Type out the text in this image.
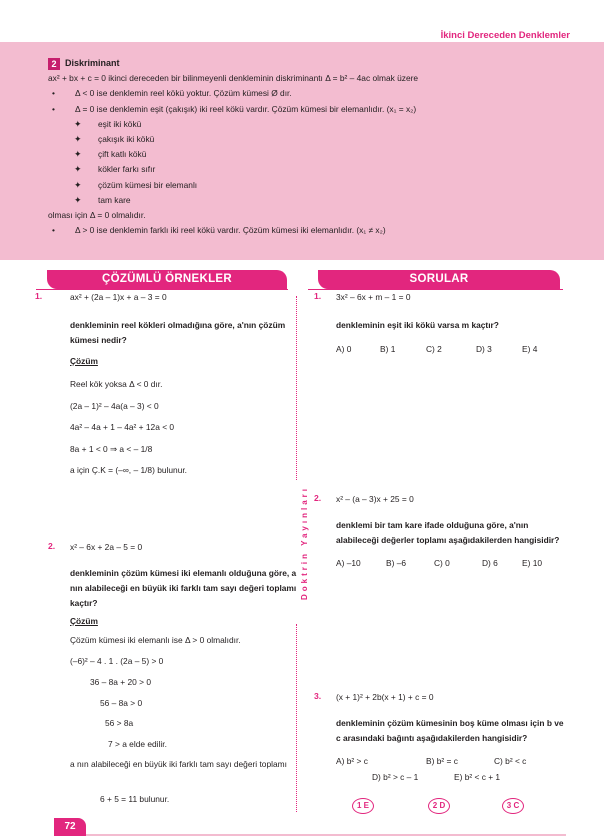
İkinci Dereceden Denklemler
2 Diskriminant
ax² + bx + c = 0 ikinci dereceden bir bilinmeyenli denkleminin diskriminantı Δ = b² – 4ac olmak üzere
• Δ < 0 ise denklemin reel kökü yoktur. Çözüm kümesi Ø dır.
• Δ = 0 ise denklemin eşit (çakışık) iki reel kökü vardır. Çözüm kümesi bir elemanlıdır. (x₁ = x₂)
✦ eşit iki kökü
✦ çakışık iki kökü
✦ çift katlı kökü
✦ kökler farkı sıfır
✦ çözüm kümesi bir elemanlı
✦ tam kare
olması için Δ = 0 olmalıdır.
• Δ > 0 ise denklemin farklı iki reel kökü vardır. Çözüm kümesi iki elemanlıdır. (x₁ ≠ x₂)
ÇÖZÜMLÜ ÖRNEKLER	SORULAR
Doktrin Yayınları
1.	ax² + (2a – 1)x + a – 3 = 0
denkleminin reel kökleri olmadığına göre, a'nın çözüm kümesi nedir?
Çözüm
Reel kök yoksa Δ < 0 dır.
(2a – 1)² – 4a(a – 3) < 0
4a² – 4a + 1 – 4a² + 12a < 0
8a + 1 < 0 ⇒ a < – 1/8
a için Ç.K = (–∞, – 1/8) bulunur.
2. x² – 6x + 2a – 5 = 0
denkleminin çözüm kümesi iki elemanlı olduğuna göre, a nın alabileceği en büyük iki farklı tam sayı değeri toplamı kaçtır?
Çözüm
Çözüm kümesi iki elemanlı ise Δ > 0 olmalıdır.
(–6)² – 4 . 1 . (2a – 5) > 0
36 – 8a + 20 > 0
56 – 8a > 0
56 > 8a
7 > a elde edilir.
a nın alabileceği en büyük iki farklı tam sayı değeri toplamı
6 + 5 = 11 bulunur.
1. 3x² – 6x + m – 1 = 0
denkleminin eşit iki kökü varsa m kaçtır?
A) 0	B) 1	C) 2	D) 3	E) 4
2. x² – (a – 3)x + 25 = 0
denklemi bir tam kare ifade olduğuna göre, a'nın alabileceği değerler toplamı aşağıdakilerden hangisidir?
A) –10	B) –6	C) 0	D) 6	E) 10
3. (x + 1)² + 2b(x + 1) + c = 0
denkleminin çözüm kümesinin boş küme olması için b ve c arasındaki bağıntı aşağıdakilerden hangisidir?
A) b² > c	B) b² = c	C) b² < c
D) b² > c – 1	E) b² < c + 1
1 E	2 D	3 C
72
